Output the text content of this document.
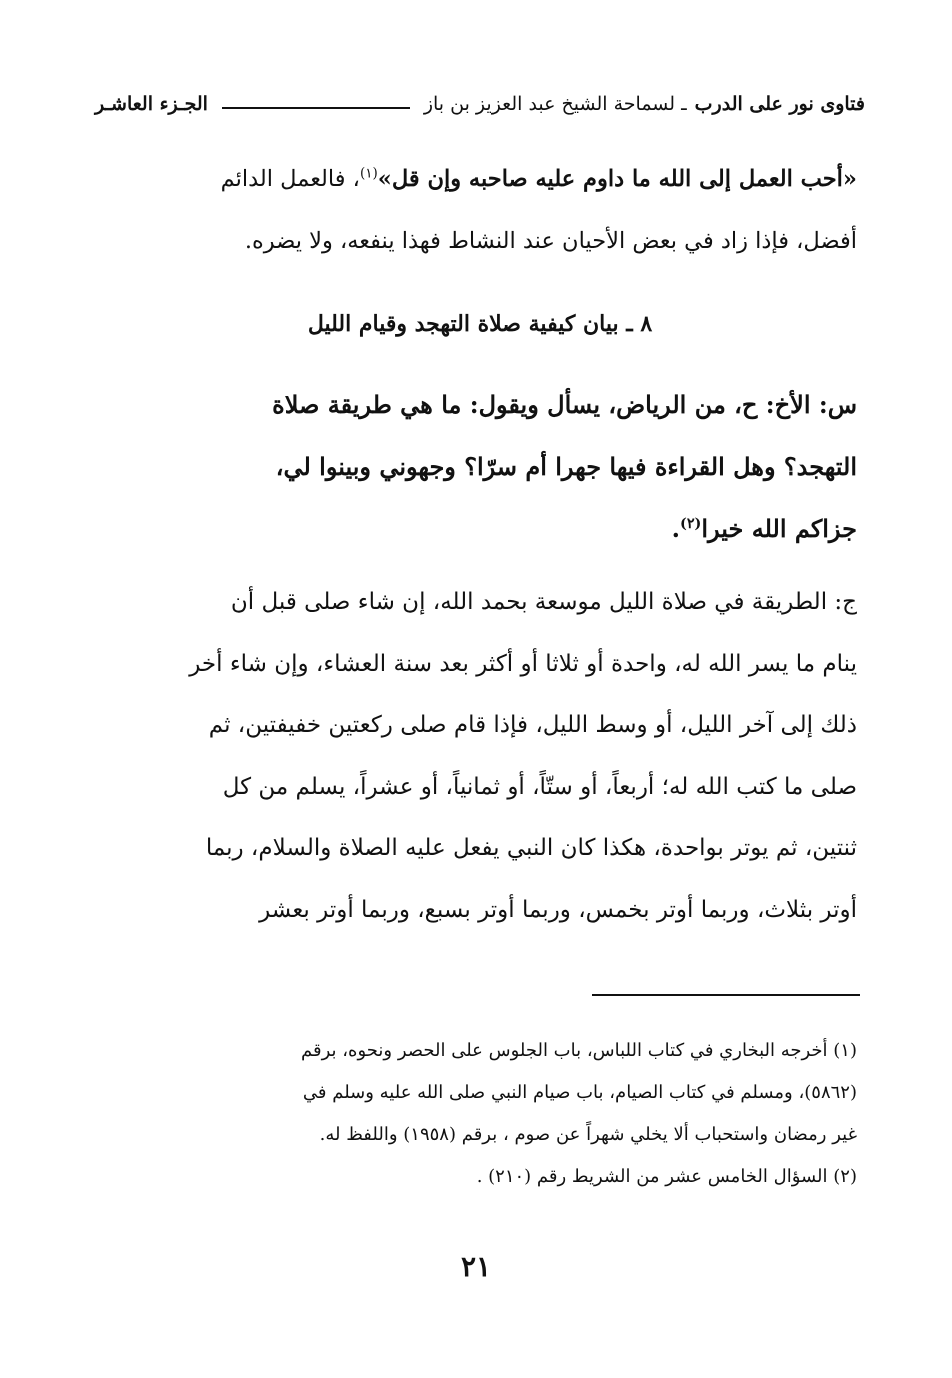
فتاوى نور على الدرب
ـ لسماحة الشيخ عبد العزيز بن باز
الجـزء العاشـر
«أحب العمل إلى الله ما داوم عليه صاحبه وإن قل»$^{(١)}$، فالعمل الدائم
أفضل، فإذا زاد في بعض الأحيان عند النشاط فهذا ينفعه، ولا يضره.
٨ ـ بيان كيفية صلاة التهجد وقيام الليل
س: الأخ: ح، من الرياض، يسأل ويقول: ما هي طريقة صلاة
التهجد؟ وهل القراءة فيها جهرا أم سرّا؟ وجهوني وبينوا لي،
جزاكم الله خيرا$^{(٢)}$.
ج: الطريقة في صلاة الليل موسعة بحمد الله، إن شاء صلى قبل أن
ينام ما يسر الله له، واحدة أو ثلاثا أو أكثر بعد سنة العشاء، وإن شاء أخر
ذلك إلى آخر الليل، أو وسط الليل، فإذا قام صلى ركعتين خفيفتين، ثم
صلى ما كتب الله له؛ أربعاً، أو ستّاً، أو ثمانياً، أو عشراً، يسلم من كل
ثنتين، ثم يوتر بواحدة، هكذا كان النبي يفعل عليه الصلاة والسلام، ربما
أوتر بثلاث، وربما أوتر بخمس، وربما أوتر بسبع، وربما أوتر بعشر
(١) أخرجه البخاري في كتاب اللباس، باب الجلوس على الحصر ونحوه، برقم
(٥٨٦٢)، ومسلم في كتاب الصيام، باب صيام النبي صلى الله عليه وسلم في
غير رمضان واستحباب ألا يخلي شهراً عن صوم ، برقم (١٩٥٨) واللفظ له.
(٢) السؤال الخامس عشر من الشريط رقم (٢١٠) .
٢١
